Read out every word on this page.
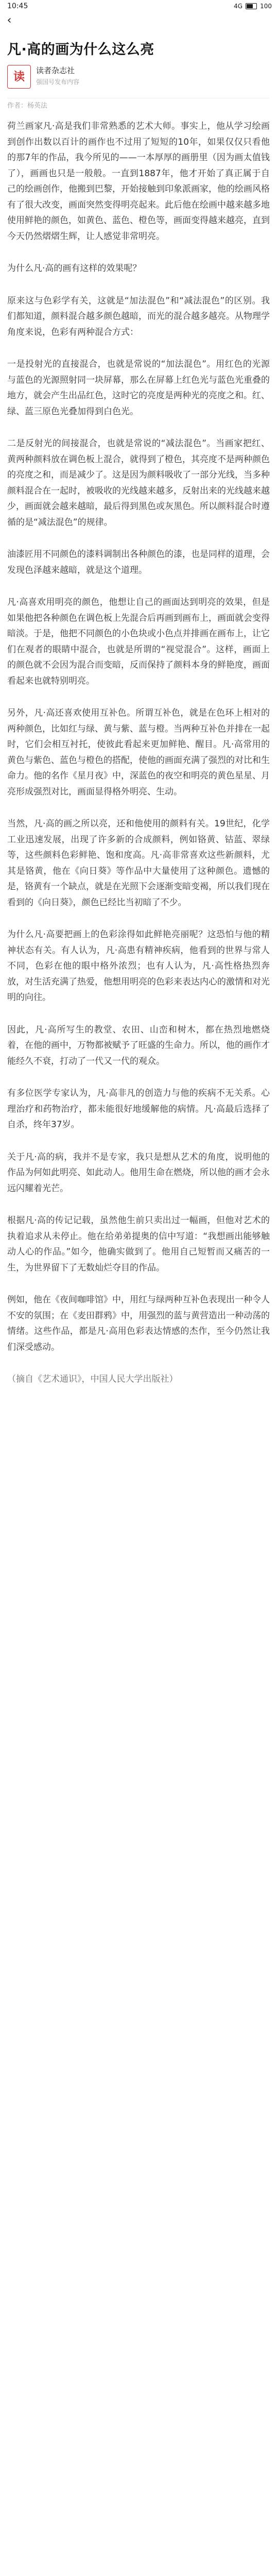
10:45	4G	100
‹
凡·高的画为什么这么亮
读	读者杂志社
强国号发布内容
作者：杨英法

荷兰画家凡·高是我们非常熟悉的艺术大师。事实上，他从学习绘画到创作出数以百计的画作也不过用了短短的10年，如果仅仅只看他的那7年的作品，我今所见的——一本厚厚的画册里（因为画太值钱了），画画也只是一般般。一直到1887年，他才开始了真正属于自己的绘画创作，他搬到巴黎，开始接触到印象派画家，他的绘画风格有了很大改变，画面突然变得明亮起来。此后他在绘画中越来越多地使用鲜艳的颜色，如黄色、蓝色、橙色等，画面变得越来越亮，直到今天仍然熠熠生辉，让人感觉非常明亮。

为什么凡·高的画有这样的效果呢？

原来这与色彩学有关，这就是“加法混色”和“减法混色”的区别。我们都知道，颜料混合越多颜色越暗，而光的混合越多越亮。从物理学角度来说，色彩有两种混合方式：

一是投射光的直接混合，也就是常说的“加法混色”。用红色的光源与蓝色的光源照射同一块屏幕，那么在屏幕上红色光与蓝色光重叠的地方，就会产生出品红色，这时它的亮度是两种光的亮度之和。红、绿、蓝三原色光叠加得到白色光。

二是反射光的间接混合，也就是常说的“减法混色”。当画家把红、黄两种颜料放在调色板上混合，就得到了橙色，其亮度不是两种颜色的亮度之和，而是减少了。这是因为颜料吸收了一部分光线，当多种颜料混合在一起时，被吸收的光线越来越多，反射出来的光线越来越少，画面就会越来越暗，最后得到黑色或灰黑色。所以颜料混合时遵循的是“减法混色”的规律。

油漆匠用不同颜色的漆料调制出各种颜色的漆，也是同样的道理，会发现色泽越来越暗，就是这个道理。

凡·高喜欢用明亮的颜色，他想让自己的画面达到明亮的效果，但是如果他把各种颜色在调色板上先混合后再画到画布上，画面就会变得暗淡。于是，他把不同颜色的小色块或小色点并排画在画布上，让它们在观者的眼睛中混合，也就是所谓的“视觉混合”。这样，画面上的颜色就不会因为混合而变暗，反而保持了颜料本身的鲜艳度，画面看起来也就特别明亮。

另外，凡·高还喜欢使用互补色。所谓互补色，就是在色环上相对的两种颜色，比如红与绿、黄与紫、蓝与橙。当两种互补色并排在一起时，它们会相互衬托，使彼此看起来更加鲜艳、醒目。凡·高常用的黄色与紫色、蓝色与橙色的搭配，使他的画面充满了强烈的对比和生命力。他的名作《星月夜》中，深蓝色的夜空和明亮的黄色星星、月亮形成强烈对比，画面显得格外明亮、生动。

当然，凡·高的画之所以亮，还和他使用的颜料有关。19世纪，化学工业迅速发展，出现了许多新的合成颜料，例如铬黄、钴蓝、翠绿等，这些颜料色彩鲜艳、饱和度高。凡·高非常喜欢这些新颜料，尤其是铬黄，他在《向日葵》等作品中大量使用了这种颜色。遗憾的是，铬黄有一个缺点，就是在光照下会逐渐变暗变褐，所以我们现在看到的《向日葵》，颜色已经比当初暗了不少。

为什么凡·高要把画上的色彩涂得如此鲜艳亮丽呢？这恐怕与他的精神状态有关。有人认为，凡·高患有精神疾病，他看到的世界与常人不同，色彩在他的眼中格外浓烈；也有人认为，凡·高性格热烈奔放，对生活充满了热爱，他想用明亮的色彩来表达内心的激情和对光明的向往。

因此，凡·高所写生的教堂、农田、山峦和树木，都在热烈地燃烧着，在他的画中，万物都被赋予了旺盛的生命力。所以，他的画作才能经久不衰，打动了一代又一代的观众。

有多位医学专家认为，凡·高非凡的创造力与他的疾病不无关系。心理治疗和药物治疗，都未能很好地缓解他的病情。凡·高最后选择了自杀，终年37岁。

关于凡·高的病，我并不是专家，我只是想从艺术的角度，说明他的作品为何如此明亮、如此动人。他用生命在燃烧，所以他的画才会永远闪耀着光芒。

根据凡·高的传记记载，虽然他生前只卖出过一幅画，但他对艺术的执着追求从未停止。他在给弟弟提奥的信中写道：“我想画出能够触动人心的作品。”如今，他确实做到了。他用自己短暂而又痛苦的一生，为世界留下了无数灿烂夺目的作品。

例如，他在《夜间咖啡馆》中，用红与绿两种互补色表现出一种令人不安的氛围；在《麦田群鸦》中，用强烈的蓝与黄营造出一种动荡的情绪。这些作品，都是凡·高用色彩表达情感的杰作，至今仍然让我们深受感动。

（摘自《艺术通识》，中国人民大学出版社）
